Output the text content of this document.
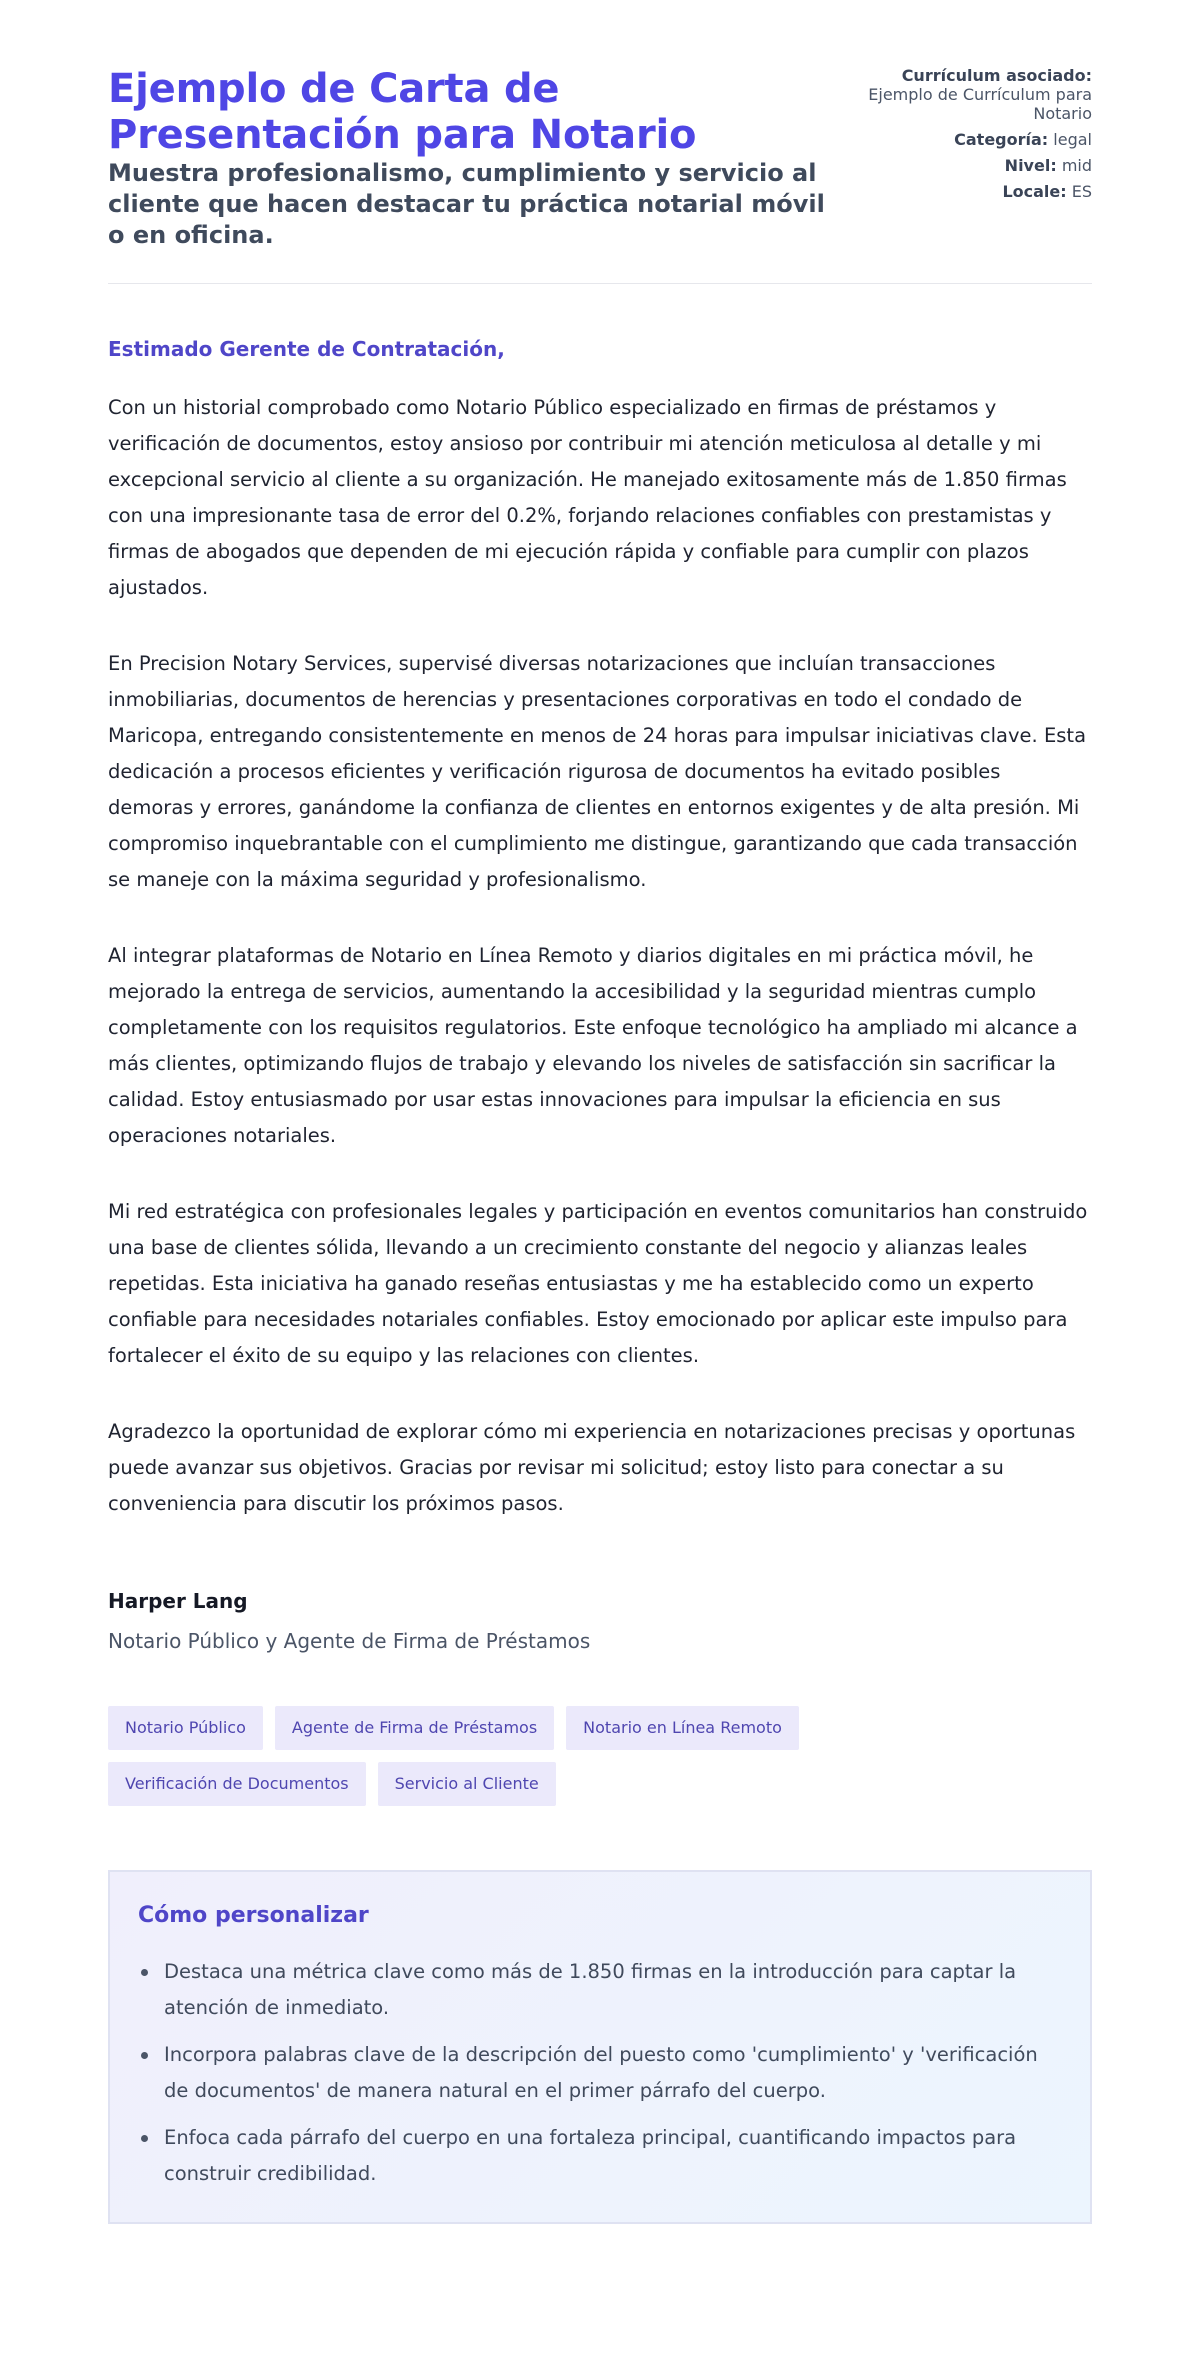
Ejemplo de Carta de Presentación para Notario
Muestra profesionalismo, cumplimiento y servicio al cliente que hacen destacar tu práctica notarial móvil o en oficina.
Currículum asociado:
Ejemplo de Currículum para Notario
Categoría: legal
Nivel: mid
Locale: ES
Estimado Gerente de Contratación,

Con un historial comprobado como Notario Público especializado en firmas de préstamos y verificación de documentos, estoy ansioso por contribuir mi atención meticulosa al detalle y mi excepcional servicio al cliente a su organización. He manejado exitosamente más de 1.850 firmas con una impresionante tasa de error del 0.2%, forjando relaciones confiables con prestamistas y firmas de abogados que dependen de mi ejecución rápida y confiable para cumplir con plazos ajustados.

En Precision Notary Services, supervisé diversas notarizaciones que incluían transacciones inmobiliarias, documentos de herencias y presentaciones corporativas en todo el condado de Maricopa, entregando consistentemente en menos de 24 horas para impulsar iniciativas clave. Esta dedicación a procesos eficientes y verificación rigurosa de documentos ha evitado posibles demoras y errores, ganándome la confianza de clientes en entornos exigentes y de alta presión. Mi compromiso inquebrantable con el cumplimiento me distingue, garantizando que cada transacción se maneje con la máxima seguridad y profesionalismo.

Al integrar plataformas de Notario en Línea Remoto y diarios digitales en mi práctica móvil, he mejorado la entrega de servicios, aumentando la accesibilidad y la seguridad mientras cumplo completamente con los requisitos regulatorios. Este enfoque tecnológico ha ampliado mi alcance a más clientes, optimizando flujos de trabajo y elevando los niveles de satisfacción sin sacrificar la calidad. Estoy entusiasmado por usar estas innovaciones para impulsar la eficiencia en sus operaciones notariales.

Mi red estratégica con profesionales legales y participación en eventos comunitarios han construido una base de clientes sólida, llevando a un crecimiento constante del negocio y alianzas leales repetidas. Esta iniciativa ha ganado reseñas entusiastas y me ha establecido como un experto confiable para necesidades notariales confiables. Estoy emocionado por aplicar este impulso para fortalecer el éxito de su equipo y las relaciones con clientes.

Agradezco la oportunidad de explorar cómo mi experiencia en notarizaciones precisas y oportunas puede avanzar sus objetivos. Gracias por revisar mi solicitud; estoy listo para conectar a su conveniencia para discutir los próximos pasos.

Harper Lang
Notario Público y Agente de Firma de Préstamos
Notario Público	Agente de Firma de Préstamos	Notario en Línea Remoto
Verificación de Documentos	Servicio al Cliente
Cómo personalizar
Destaca una métrica clave como más de 1.850 firmas en la introducción para captar la atención de inmediato.
Incorpora palabras clave de la descripción del puesto como 'cumplimiento' y 'verificación de documentos' de manera natural en el primer párrafo del cuerpo.
Enfoca cada párrafo del cuerpo en una fortaleza principal, cuantificando impactos para construir credibilidad.
